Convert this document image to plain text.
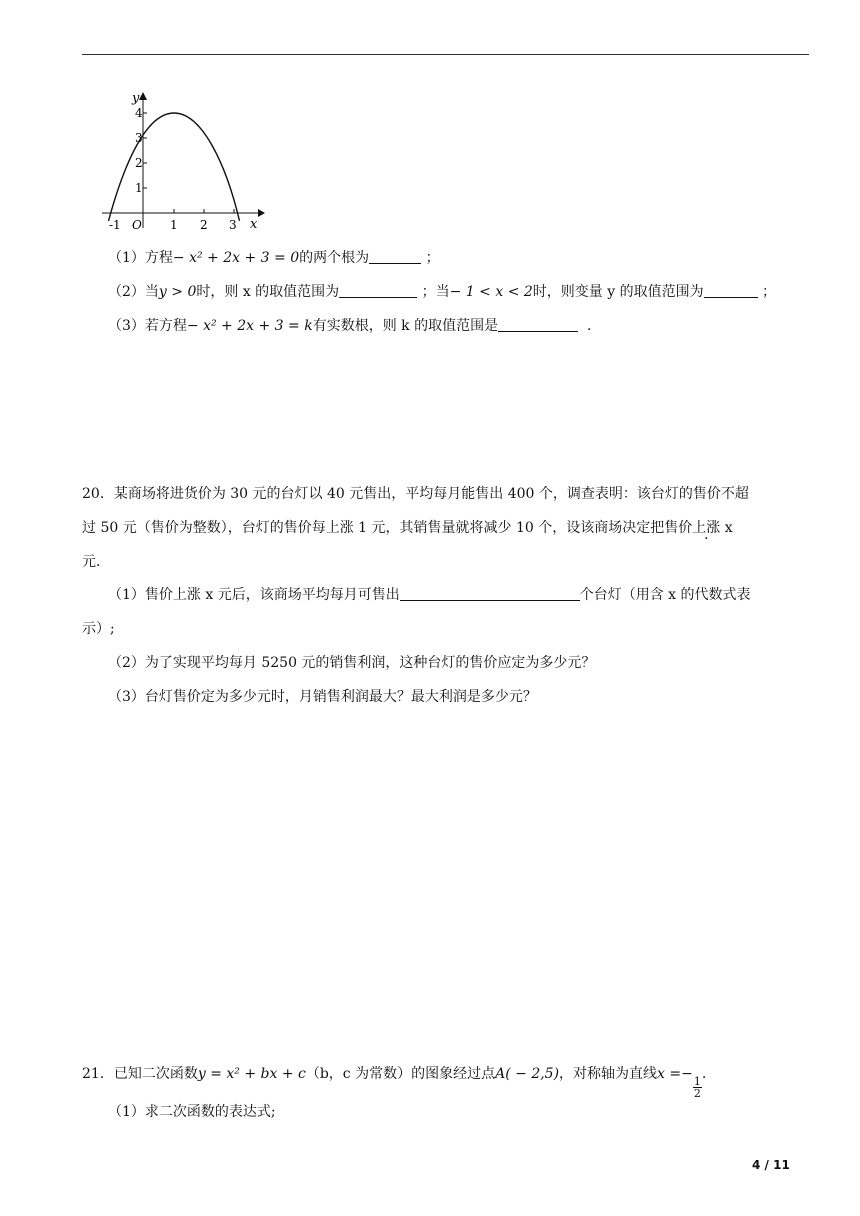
y
x
O
1
2
3
4
-1	1 2 3
（1）方程− x² + 2x + 3 = 0的两个根为	；
（2）当y > 0时，则 x 的取值范围为	；当− 1 < x < 2时，则变量 y 的取值范围为	；
（3）若方程− x² + 2x + 3 = k有实数根，则 k 的取值范围是	.
20．某商场将进货价为 30 元的台灯以 40 元售出，平均每月能售出 400 个，调查表明：该台灯的售价不超
过 50 元（售价为整数），台灯的售价每上涨 1 元，其销售量就将减少 10 个，设该商场决定把售价上涨 x
元．
（1）售价上涨 x 元后，该商场平均每月可售出	个台灯（用含 x 的代数式表
示）;
（2）为了实现平均每月 5250 元的销售利润，这种台灯的售价应定为多少元？
（3）台灯售价定为多少元时，月销售利润最大？最大利润是多少元？
21．已知二次函数y = x² + bx + c（b，c 为常数）的图象经过点A( − 2,5)，对称轴为直线x =−
$\frac{1}{2}$
.
（1）求二次函数的表达式;
4 / 11
